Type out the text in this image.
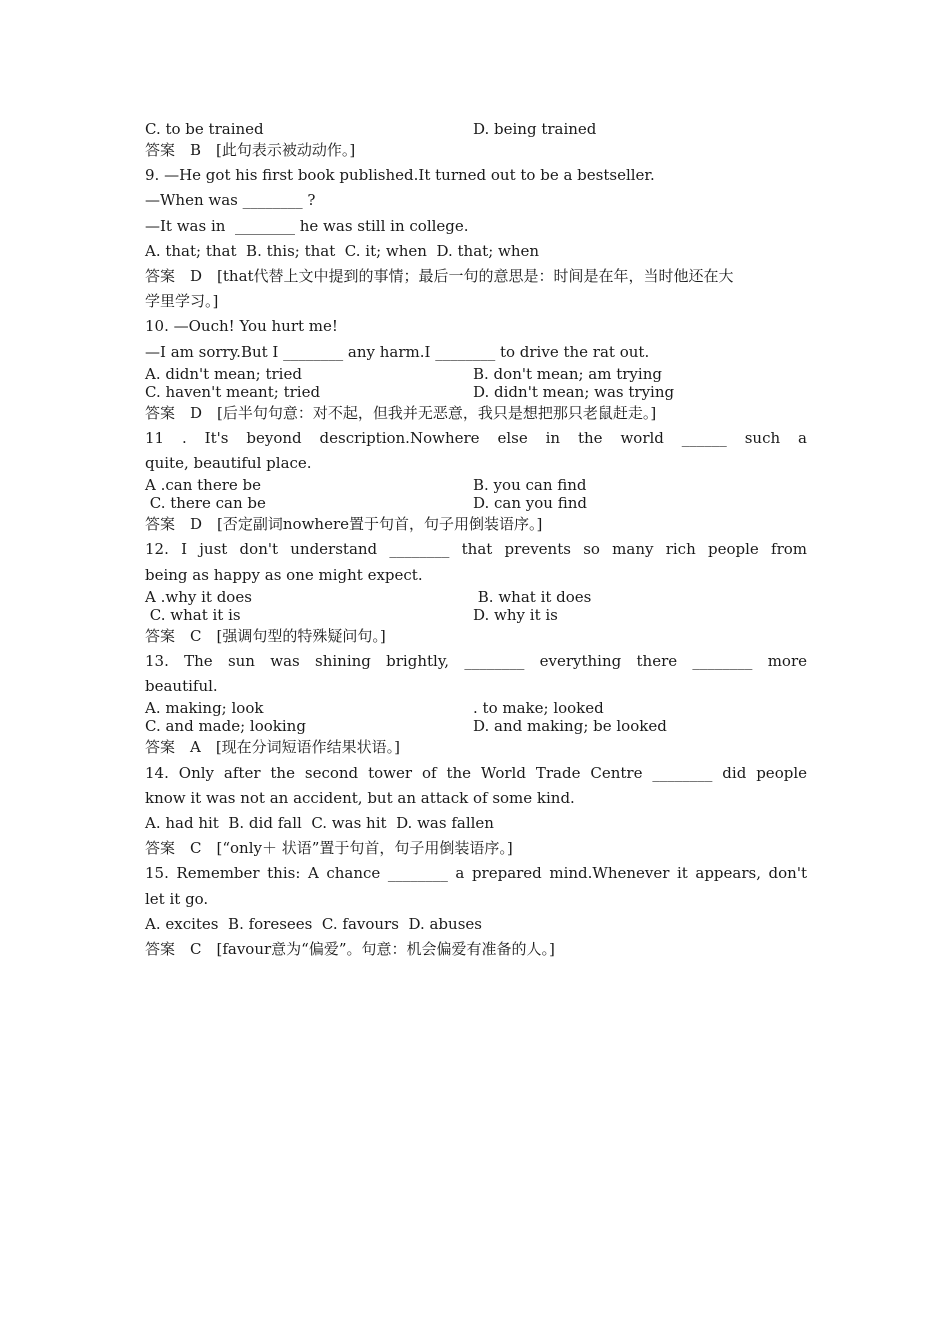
C. to be trained	D. being trained
答案　B　[此句表示被动动作。]
9. —He got his first book published.It turned out to be a bestseller.
—When was ________ ?
—It was in  ________ he was still in college.
A. that; that  B. this; that  C. it; when  D. that; when
答案　D　[that代替上文中提到的事情；最后一句的意思是：时间是在年，当时他还在大
学里学习。]
10. —Ouch! You hurt me!
—I am sorry.But I ________ any harm.I ________ to drive the rat out.
A. didn't mean; tried	B. don't mean; am trying
C. haven't meant; tried	D. didn't mean; was trying
答案　D　[后半句句意：对不起，但我并无恶意，我只是想把那只老鼠赶走。]
11 . It's beyond description.Nowhere else in the world ______ such a
quite, beautiful place.
A .can there be	B. you can find
C. there can be	D. can you find
答案　D　[否定副词nowhere置于句首，句子用倒装语序。]
12. I just don't understand ________ that prevents so many rich people from
being as happy as one might expect.
A .why it does	B. what it does
C. what it is	D. why it is
答案　C　[强调句型的特殊疑问句。]
13. The sun was shining brightly, ________ everything there ________ more
beautiful.
A. making; look	. to make; looked
C. and made; looking	D. and making; be looked
答案　A　[现在分词短语作结果状语。]
14. Only after the second tower of the World Trade Centre ________ did people
know it was not an accident, but an attack of some kind.
A. had hit  B. did fall  C. was hit  D. was fallen
答案　C　[“only＋ 状语”置于句首，句子用倒装语序。]
15. Remember this: A chance ________ a prepared mind.Whenever it appears, don't
let it go.
A. excites  B. foresees  C. favours  D. abuses
答案　C　[favour意为“偏爱”。句意：机会偏爱有准备的人。]
